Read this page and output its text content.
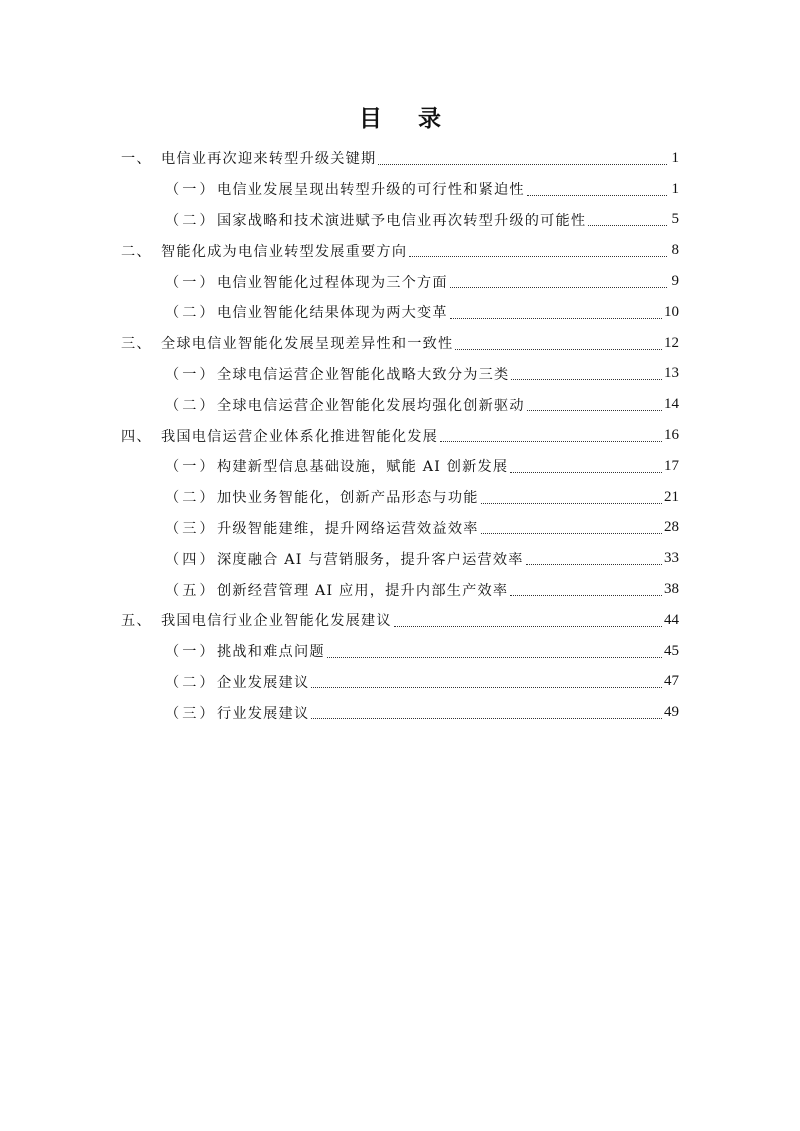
目 录
一、 电信业再次迎来转型升级关键期	1
（一） 电信业发展呈现出转型升级的可行性和紧迫性	1
（二） 国家战略和技术演进赋予电信业再次转型升级的可能性	5
二、 智能化成为电信业转型发展重要方向	8
（一） 电信业智能化过程体现为三个方面	9
（二） 电信业智能化结果体现为两大变革	10
三、 全球电信业智能化发展呈现差异性和一致性	12
（一） 全球电信运营企业智能化战略大致分为三类	13
（二） 全球电信运营企业智能化发展均强化创新驱动	14
四、 我国电信运营企业体系化推进智能化发展	16
（一） 构建新型信息基础设施，赋能 AI 创新发展	17
（二） 加快业务智能化，创新产品形态与功能	21
（三） 升级智能建维，提升网络运营效益效率	28
（四） 深度融合 AI 与营销服务，提升客户运营效率	33
（五） 创新经营管理 AI 应用，提升内部生产效率	38
五、 我国电信行业企业智能化发展建议	44
（一） 挑战和难点问题	45
（二） 企业发展建议	47
（三） 行业发展建议	49
